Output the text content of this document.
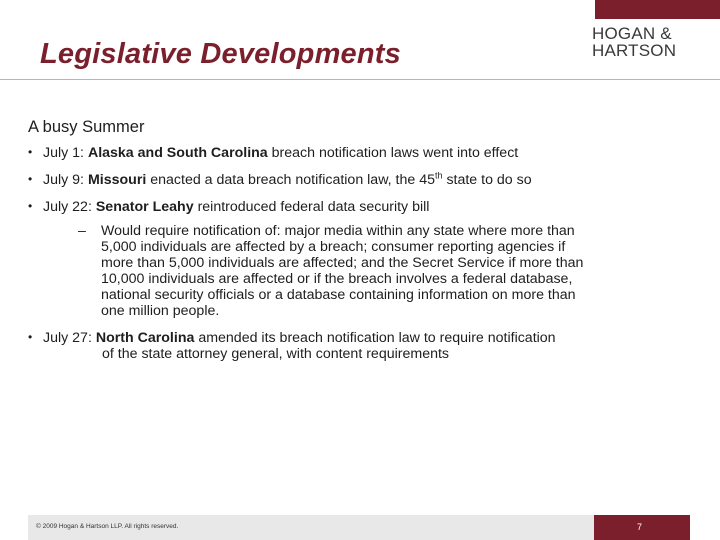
HOGAN &
HARTSON
Legislative Developments
A busy Summer
• July 1: Alaska and South Carolina breach notification laws went into effect
• July 9: Missouri enacted a data breach notification law, the 45th state to do so
• July 22: Senator Leahy reintroduced federal data security bill
– Would require notification of: major media within any state where more than
5,000 individuals are affected by a breach; consumer reporting agencies if
more than 5,000 individuals are affected; and the Secret Service if more than
10,000 individuals are affected or if the breach involves a federal database,
national security officials or a database containing information on more than
one million people.
• July 27: North Carolina amended its breach notification law to require notification
of the state attorney general, with content requirements
© 2009 Hogan & Hartson LLP. All rights reserved.	7
